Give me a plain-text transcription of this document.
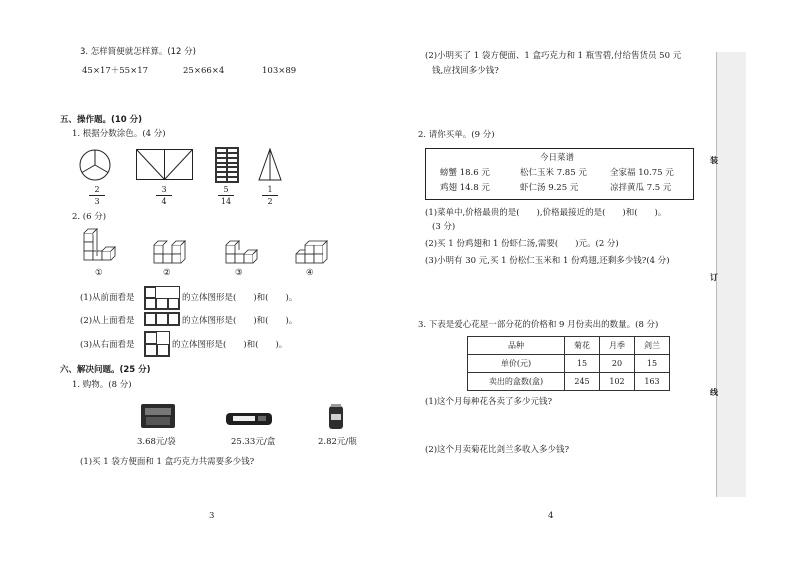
3. 怎样简便就怎样算。(12 分)
45×17＋55×17	25×66×4	103×89
五、操作题。(10 分)
1. 根据分数涂色。(4 分)
2
3
3
4
5
14
1
2
2. (6 分)
①	②	③	④
(1)从前面看是	的立体图形是(　　)和(　　)。
(2)从上面看是	的立体图形是(　　)和(　　)。
(3)从右面看是	的立体图形是(　　)和(　　)。
六、解决问题。(25 分)
1. 购物。(8 分)
3.68元/袋	25.33元/盒	2.82元/瓶
(1)买 1 袋方便面和 1 盒巧克力共需要多少钱?
3
(2)小明买了 1 袋方便面、1 盒巧克力和 1 瓶雪碧,付给售货员 50 元
钱,应找回多少钱?
2. 请你买单。(9 分)
今日菜谱
螃蟹 18.6 元	松仁玉米 7.85 元	全家福 10.75 元
鸡翅 14.8 元	虾仁汤 9.25 元	凉拌黄瓜 7.5 元
(1)菜单中,价格最贵的是(　　),价格最接近的是(　　)和(　　)。
(3 分)
(2)买 1 份鸡翅和 1 份虾仁汤,需要(　　)元。(2 分)
(3)小明有 30 元,买 1 份松仁玉米和 1 份鸡翅,还剩多少钱?(4 分)
3. 下表是爱心花屋一部分花的价格和 9 月份卖出的数量。(8 分)
品种	菊花	月季	剑兰
单价(元)	15	20	15
卖出的盒数(盒)	245	102	163
(1)这个月每种花各卖了多少元钱?
(2)这个月卖菊花比剑兰多收入多少钱?
4
装
订
线
